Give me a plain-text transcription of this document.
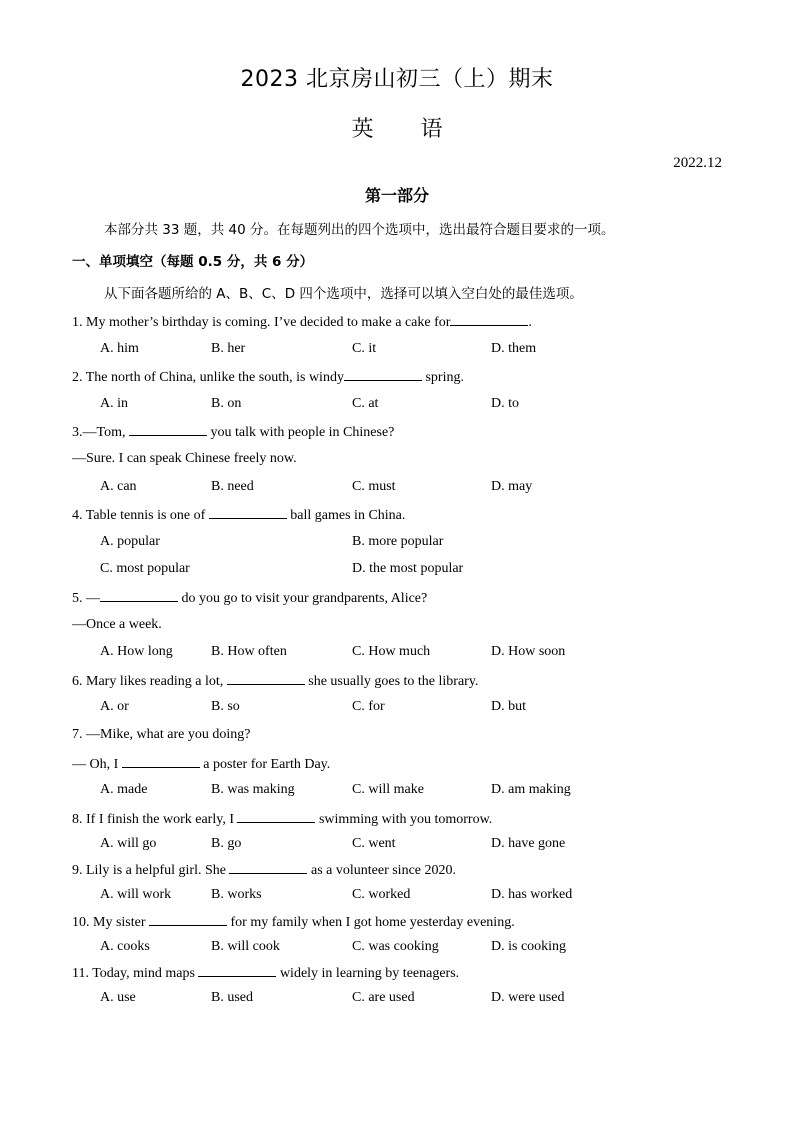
2023 北京房山初三（上）期末
英 语
2022.12
第一部分
本部分共 33 题，共 40 分。在每题列出的四个选项中，选出最符合题目要求的一项。
一、单项填空（每题 0.5 分，共 6 分）
从下面各题所给的 A、B、C、D 四个选项中，选择可以填入空白处的最佳选项。
1. My mother’s birthday is coming. I’ve decided to make a cake for	.
A. him	B. her	C. it	D. them
2. The north of China, unlike the south, is windy	spring.
A. in	B. on	C. at	D. to
3.—Tom,	you talk with people in Chinese?
—Sure. I can speak Chinese freely now.
A. can	B. need	C. must	D. may
4. Table tennis is one of	ball games in China.
A. popular	B. more popular
C. most popular	D. the most popular
5. —	do you go to visit your grandparents, Alice?
—Once a week.
A. How long	B. How often	C. How much	D. How soon
6. Mary likes reading a lot,	she usually goes to the library.
A. or	B. so	C. for	D. but
7. —Mike, what are you doing?
— Oh, I	a poster for Earth Day.
A. made	B. was making	C. will make	D. am making
8. If I finish the work early, I	swimming with you tomorrow.
A. will go	B. go	C. went	D. have gone
9. Lily is a helpful girl. She	as a volunteer since 2020.
A. will work	B. works	C. worked	D. has worked
10. My sister	for my family when I got home yesterday evening.
A. cooks	B. will cook	C. was cooking	D. is cooking
11. Today, mind maps	widely in learning by teenagers.
A. use	B. used	C. are used	D. were used
